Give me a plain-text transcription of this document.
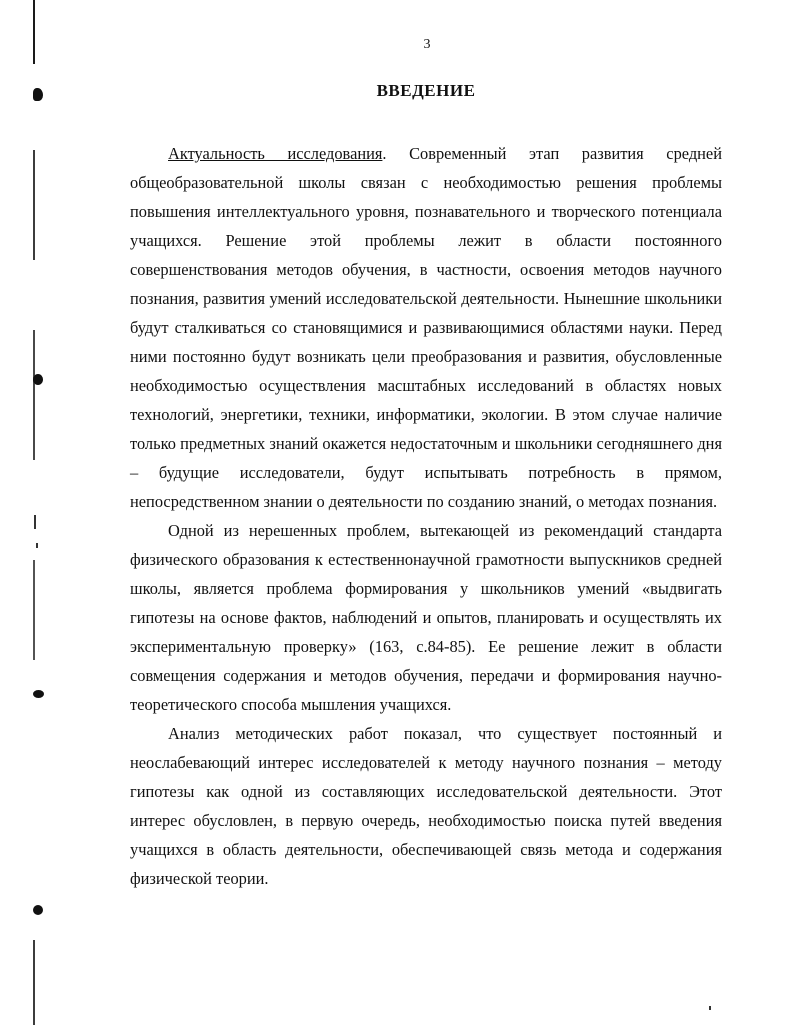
3
ВВЕДЕНИЕ

Актуальность исследования. Современный этап развития средней общеобразовательной школы связан с необходимостью решения проблемы повышения интеллектуального уровня, познавательного и творческого потенциала учащихся. Решение этой проблемы лежит в области постоянного совершенствования методов обучения, в частности, освоения методов научного познания, развития умений исследовательской деятельности. Нынешние школьники будут сталкиваться со становящимися и развивающимися областями науки. Перед ними постоянно будут возникать цели преобразования и развития, обусловленные необходимостью осуществления масштабных исследований в областях новых технологий, энергетики, техники, информатики, экологии. В этом случае наличие только предметных знаний окажется недостаточным и школьники сегодняшнего дня – будущие исследователи, будут испытывать потребность в прямом, непосредственном знании о деятельности по созданию знаний, о методах познания.

Одной из нерешенных проблем, вытекающей из рекомендаций стандарта физического образования к естественнонаучной грамотности выпускников средней школы, является проблема формирования у школьников умений «выдвигать гипотезы на основе фактов, наблюдений и опытов, планировать и осуществлять их экспериментальную проверку» (163, с.84-85). Ее решение лежит в области совмещения содержания и методов обучения, передачи и формирования научно-теоретического способа мышления учащихся.

Анализ методических работ показал, что существует постоянный и неослабевающий интерес исследователей к методу научного познания – методу гипотезы как одной из составляющих исследовательской деятельности. Этот интерес обусловлен, в первую очередь, необходимостью поиска путей введения учащихся в область деятельности, обеспечивающей связь метода и содержания физической теории.
